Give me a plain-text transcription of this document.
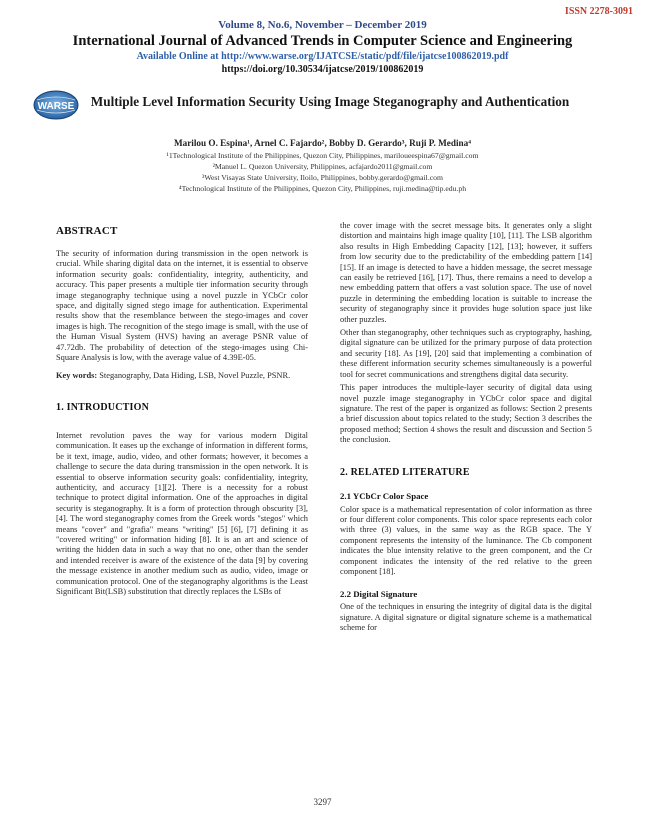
ISSN 2278-3091
Volume 8, No.6, November – December 2019
International Journal of Advanced Trends in Computer Science and Engineering
Available Online at http://www.warse.org/IJATCSE/static/pdf/file/ijatcse100862019.pdf
https://doi.org/10.30534/ijatcse/2019/100862019
WARSE Multiple Level Information Security Using Image Steganography and Authentication
Marilou O. Espina¹, Arnel C. Fajardo², Bobby D. Gerardo³, Ruji P. Medina⁴
¹1Technological Institute of the Philippines, Quezon City, Philippines, mariloueespina67@gmail.com
²Manuel L. Quezon University, Philippines, acfajardo2011@gmail.com
³West Visayas State University, Iloilo, Philippines, bobby.gerardo@gmail.com
⁴Technological Institute of the Philippines, Quezon City, Philippines, ruji.medina@tip.edu.ph
ABSTRACT
The security of information during transmission in the open network is crucial. While sharing digital data on the internet, it is essential to observe information security goals: confidentiality, integrity, authenticity, and accuracy. This paper presents a multiple tier information security through image steganography technique using a novel puzzle in YCbCr color space, and digitally signed stego image for authentication. Experimental results show that the resemblance between the stego-images and cover images is high. The recognition of the stego image is small, with the use of the Human Visual System (HVS) having an average PSNR value of 47.72db. The probability of detection of the stego-images using Chi-Square Analysis is low, with the average value of 4.39E-05.
Key words: Steganography, Data Hiding, LSB, Novel Puzzle, PSNR.
1. INTRODUCTION
Internet revolution paves the way for various modern Digital communication. It eases up the exchange of information in different forms, be it text, image, audio, video, and other formats; however, it becomes a challenge to secure the data during transmission in the open network. It is essential to observe information security goals: confidentiality, integrity, authenticity, and accuracy [1][2]. There is a necessity for a robust technique to protect digital information. One of the approaches in digital security is steganography. It is a form of protection through obscurity [3], [4]. The word steganography comes from the Greek words "stegos" which means "cover" and "grafia" means "writing" [5] [6], [7] defining it as "covered writing" or information hiding [8]. It is an art and science of writing the hidden data in such a way that no one, other than the sender and intended receiver is aware of the existence of the data [9] by covering the message existence in another medium such as audio, video, image or communication protocol. One of the steganography algorithms is the Least Significant Bit(LSB) substitution that directly replaces the LSBs of
the cover image with the secret message bits. It generates only a slight distortion and maintains high image quality [10], [11]. The LSB algorithm also results in High Embedding Capacity [12], [13]; however, it suffers from low security due to the predictability of the embedding pattern [14][15]. If an image is detected to have a hidden message, the secret message can easily be retrieved [16], [17]. Thus, there remains a need to develop a new embedding pattern that offers a vast solution space. The use of novel puzzle in determining the embedding location is suitable to increase the security of steganography since it provides huge solution space just like other puzzles.
Other than steganography, other techniques such as cryptography, hashing, digital signature can be utilized for the primary purpose of data protection and security [18]. As [19], [20] said that implementing a combination of these different information security schemes simultaneously is a powerful tool for secret communications and strengthens digital data security.
This paper introduces the multiple-layer security of digital data using novel puzzle image steganography in YCbCr color space and digital signature. The rest of the paper is organized as follows: Section 2 presents a brief discussion about topics related to the study; Section 3 describes the proposed method; Section 4 shows the result and discussion and Section 5 the conclusion.
2. RELATED LITERATURE
2.1 YCbCr Color Space
Color space is a mathematical representation of color information as three or four different color components. This color space represents each color with three (3) values, in the same way as the RGB space. The Y component represents the intensity of the luminance. The Cb component indicates the blue intensity relative to the green component, and the Cr component indicates the intensity of the red relative to the green component [18].
2.2 Digital Signature
One of the techniques in ensuring the integrity of digital data is the digital signature. A digital signature or digital signature scheme is a mathematical scheme for
3297
